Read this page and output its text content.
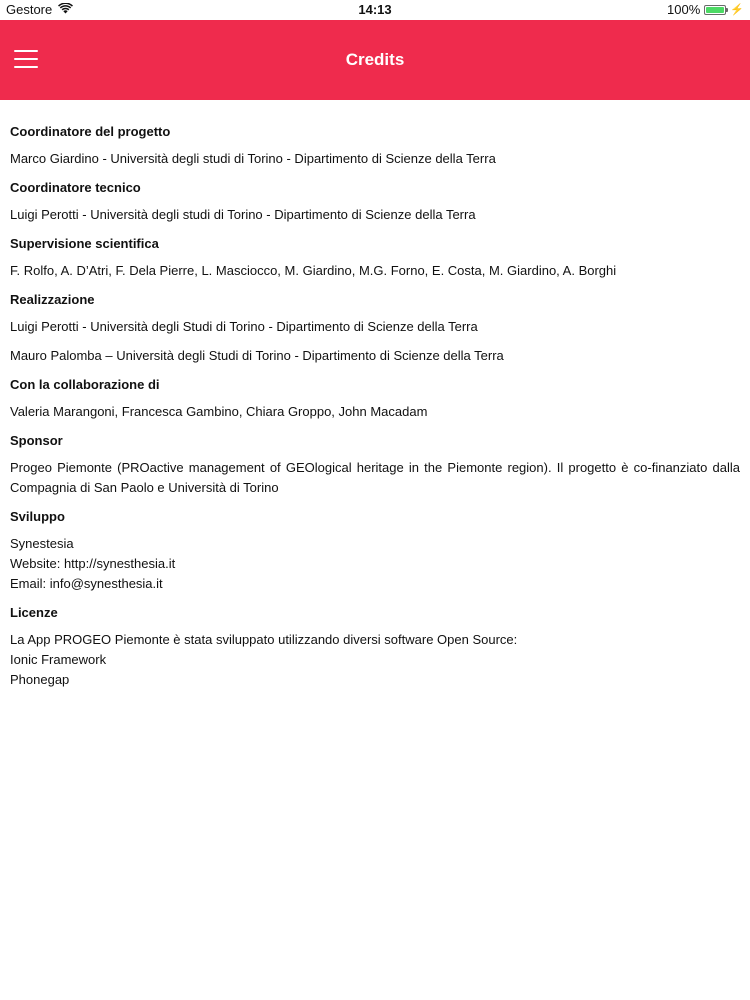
Gestore	14:13	100%	⚡
Credits
Coordinatore del progetto

Marco Giardino - Università degli studi di Torino - Dipartimento di Scienze della Terra

Coordinatore tecnico

Luigi Perotti - Università degli studi di Torino - Dipartimento di Scienze della Terra

Supervisione scientifica

F. Rolfo, A. D’Atri, F. Dela Pierre, L. Masciocco, M. Giardino, M.G. Forno, E. Costa, M. Giardino, A. Borghi

Realizzazione

Luigi Perotti - Università degli Studi di Torino - Dipartimento di Scienze della Terra

Mauro Palomba – Università degli Studi di Torino - Dipartimento di Scienze della Terra

Con la collaborazione di

Valeria Marangoni, Francesca Gambino, Chiara Groppo, John Macadam

Sponsor

Progeo Piemonte (PROactive management of GEOlogical heritage in the Piemonte region). Il progetto è co-finanziato dalla Compagnia di San Paolo e Università di Torino

Sviluppo
Synestesia
Website: http://synesthesia.it
Email: info@synesthesia.it
Licenze
La App PROGEO Piemonte è stata sviluppato utilizzando diversi software Open Source:
Ionic Framework
Phonegap
